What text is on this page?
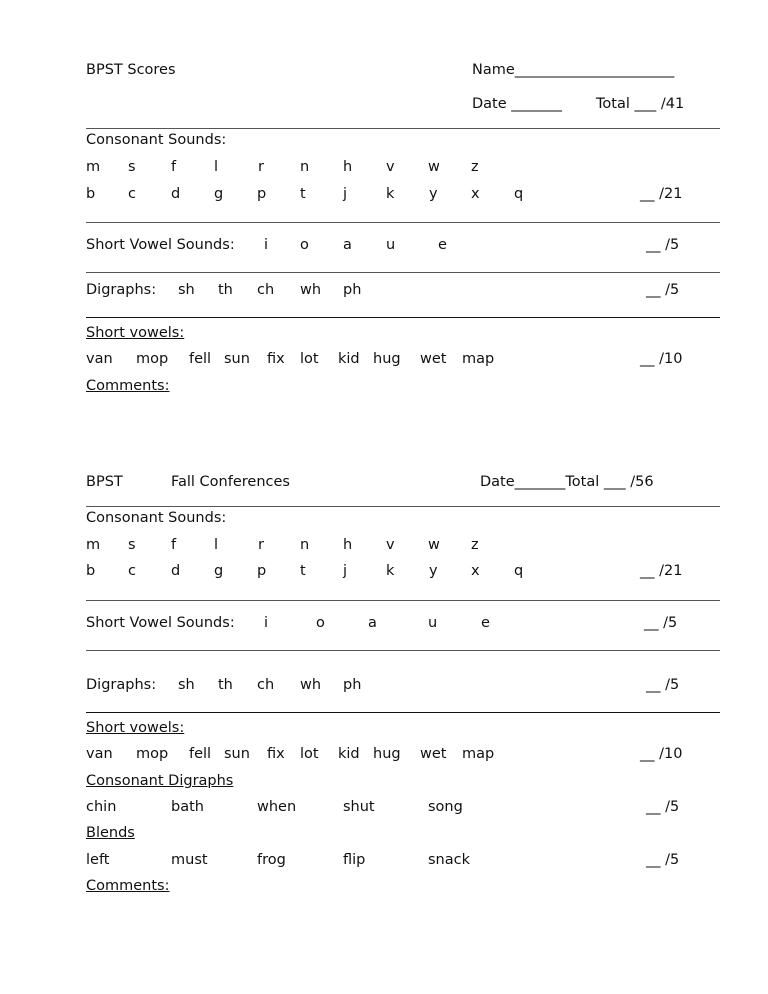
BPST Scores	Name______________________
Date _______ Total ___ /41
Consonant Sounds:
m s f	l	r n h v w z
b c d g p t	j	k y x q	__ /21
Short Vowel Sounds: i o a u	e	__ /5
Digraphs: sh th ch wh ph	__ /5
Short vowels:
van mop fell sun fix lot kid hug wet map	__ /10
Comments:
BPST	Fall Conferences	Date_______Total ___ /56
Consonant Sounds:
m s f	l	r n h v w z
b c d g p t	j	k y x q	__ /21
Short Vowel Sounds: i	o	a	u	e	__ /5
Digraphs: sh th ch wh ph	__ /5
Short vowels:
van mop fell sun fix lot kid hug wet map	__ /10
Consonant Digraphs
chin	bath	when	shut	song	__ /5
Blends
left	must	frog	flip	snack	__ /5
Comments:
